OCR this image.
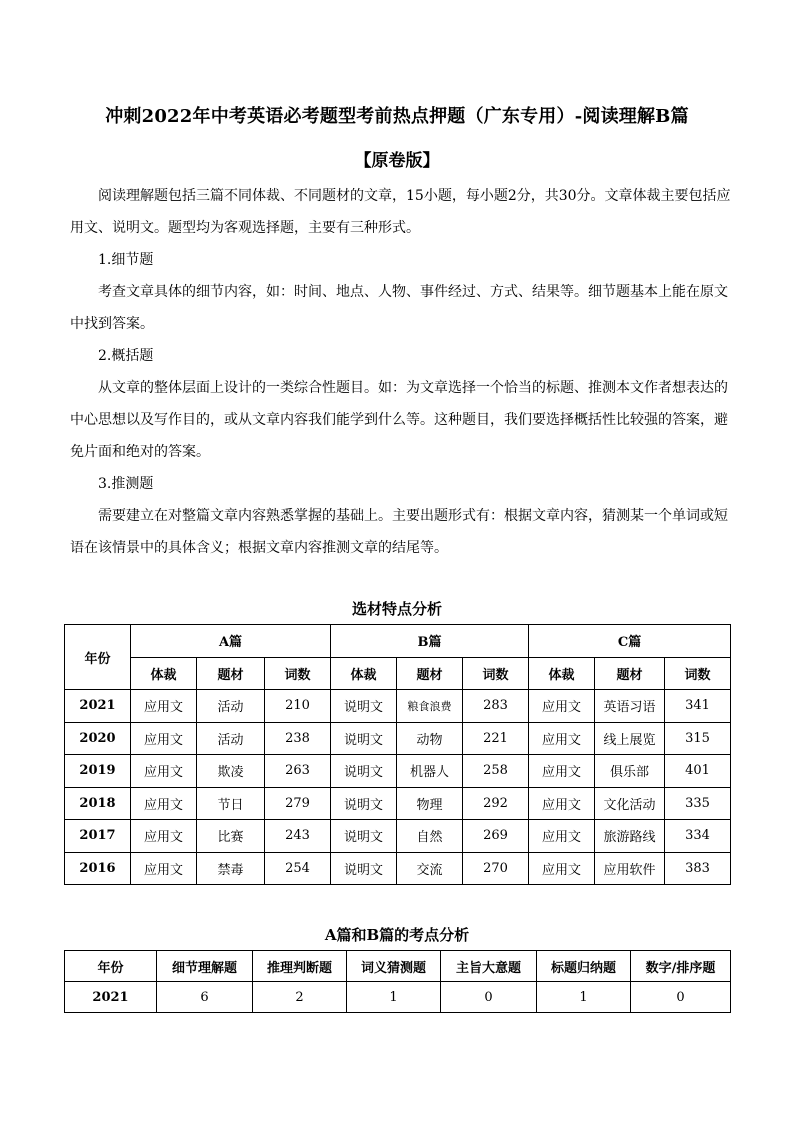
冲刺2022年中考英语必考题型考前热点押题（广东专用）-阅读理解B篇
【原卷版】
阅读理解题包括三篇不同体裁、不同题材的文章，15小题，每小题2分，共30分。文章体裁主要包括应用文、说明文。题型均为客观选择题，主要有三种形式。
1.细节题
考查文章具体的细节内容，如：时间、地点、人物、事件经过、方式、结果等。细节题基本上能在原文中找到答案。
2.概括题
从文章的整体层面上设计的一类综合性题目。如：为文章选择一个恰当的标题、推测本文作者想表达的中心思想以及写作目的，或从文章内容我们能学到什么等。这种题目，我们要选择概括性比较强的答案，避免片面和绝对的答案。
3.推测题
需要建立在对整篇文章内容熟悉掌握的基础上。主要出题形式有：根据文章内容，猜测某一个单词或短语在该情景中的具体含义；根据文章内容推测文章的结尾等。
选材特点分析
年份	A篇			B篇			C篇		
	体裁	题材	词数	体裁	题材	词数	体裁	题材	词数
2021	应用文	活动	210	说明文	粮食浪费	283	应用文	英语习语	341
2020	应用文	活动	238	说明文	动物	221	应用文	线上展览	315
2019	应用文	欺凌	263	说明文	机器人	258	应用文	俱乐部	401
2018	应用文	节日	279	说明文	物理	292	应用文	文化活动	335
2017	应用文	比赛	243	说明文	自然	269	应用文	旅游路线	334
2016	应用文	禁毒	254	说明文	交流	270	应用文	应用软件	383
A篇和B篇的考点分析
年份	细节理解题	推理判断题	词义猜测题	主旨大意题	标题归纳题	数字/排序题
2021	6	2	1	0	1	0
